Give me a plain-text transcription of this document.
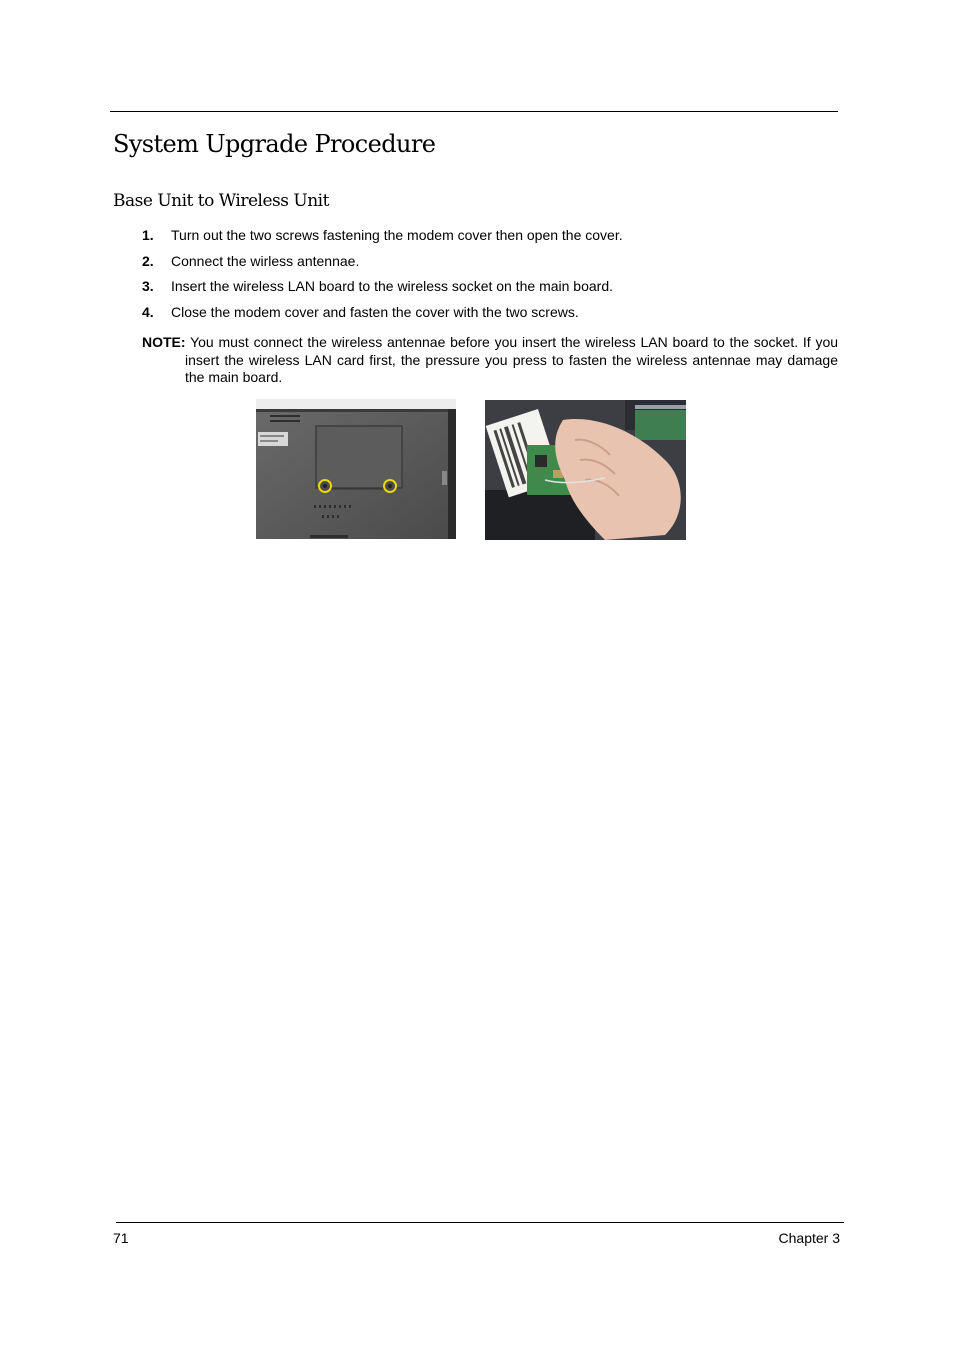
System Upgrade Procedure
Base Unit to Wireless Unit
1. Turn out the two screws fastening the modem cover then open the cover.
2. Connect the wirless antennae.
3. Insert the wireless LAN board to the wireless socket on the main board.
4. Close the modem cover and fasten the cover with the two screws.
NOTE: You must connect the wireless antennae before you insert the wireless LAN board to the socket. If you insert the wireless LAN card first, the pressure you press to fasten the wireless antennae may damage the main board.
71	Chapter 3
